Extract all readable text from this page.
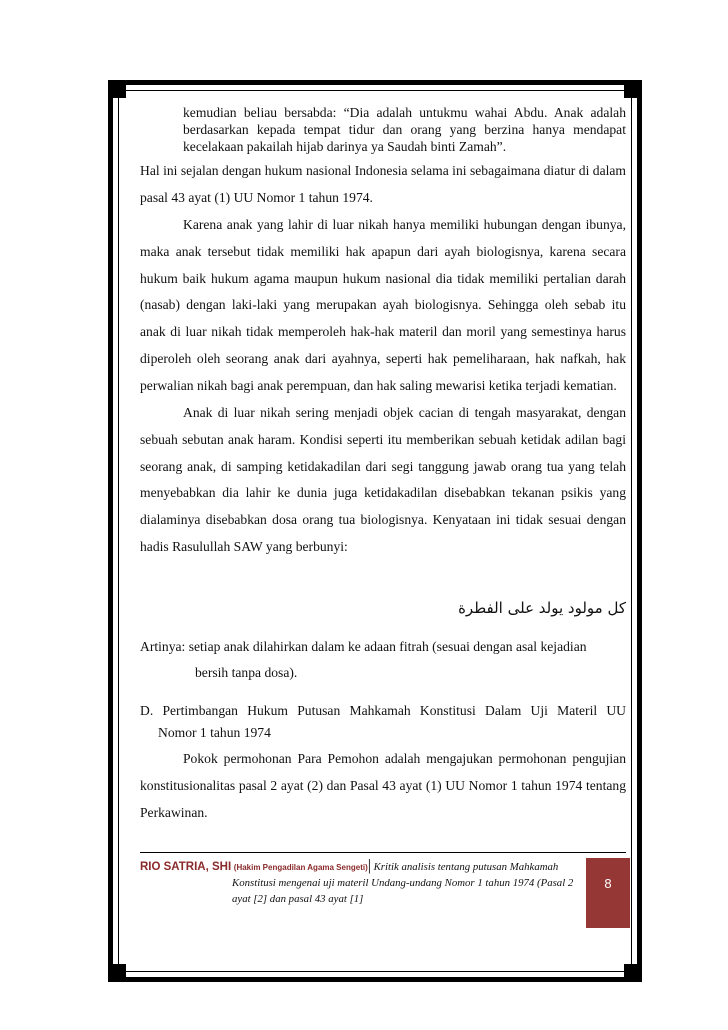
kemudian beliau bersabda: “Dia adalah untukmu wahai Abdu. Anak adalah berdasarkan kepada tempat tidur dan orang yang berzina hanya mendapat kecelakaan pakailah hijab darinya ya Saudah binti Zamah”.

Hal ini sejalan dengan hukum nasional Indonesia selama ini sebagaimana diatur di dalam pasal 43 ayat (1) UU Nomor 1 tahun 1974.

Karena anak yang lahir di luar nikah hanya memiliki hubungan dengan ibunya, maka anak tersebut tidak memiliki hak apapun dari ayah biologisnya, karena secara hukum baik hukum agama maupun hukum nasional dia tidak memiliki pertalian darah (nasab) dengan laki-laki yang merupakan ayah biologisnya. Sehingga oleh sebab itu anak di luar nikah tidak memperoleh hak-hak materil dan moril yang semestinya harus diperoleh oleh seorang anak dari ayahnya, seperti hak pemeliharaan, hak nafkah, hak perwalian nikah bagi anak perempuan, dan hak saling mewarisi ketika terjadi kematian.

Anak di luar nikah sering menjadi objek cacian di tengah masyarakat, dengan sebuah sebutan anak haram. Kondisi seperti itu memberikan sebuah ketidak adilan bagi seorang anak, di samping ketidakadilan dari segi tanggung jawab orang tua yang telah menyebabkan dia lahir ke dunia juga ketidakadilan disebabkan tekanan psikis yang dialaminya disebabkan dosa orang tua biologisnya. Kenyataan ini tidak sesuai dengan hadis Rasulullah SAW yang berbunyi:

كل مولود يولد على الفطرة

Artinya: setiap anak dilahirkan dalam ke adaan fitrah (sesuai dengan asal kejadian

bersih tanpa dosa).

D. Pertimbangan Hukum Putusan Mahkamah Konstitusi Dalam Uji Materil UU

Nomor 1 tahun 1974

Pokok permohonan Para Pemohon adalah mengajukan permohonan pengujian konstitusionalitas pasal 2 ayat (2) dan Pasal 43 ayat (1) UU Nomor 1 tahun 1974 tentang Perkawinan.

RIO SATRIA, SHI (Hakim Pengadilan Agama Sengeti)| Kritik analisis tentang putusan Mahkamah
Konstitusi mengenai uji materil Undang-undang Nomor 1 tahun 1974 (Pasal 2 ayat [2] dan pasal 43 ayat [1]
8
